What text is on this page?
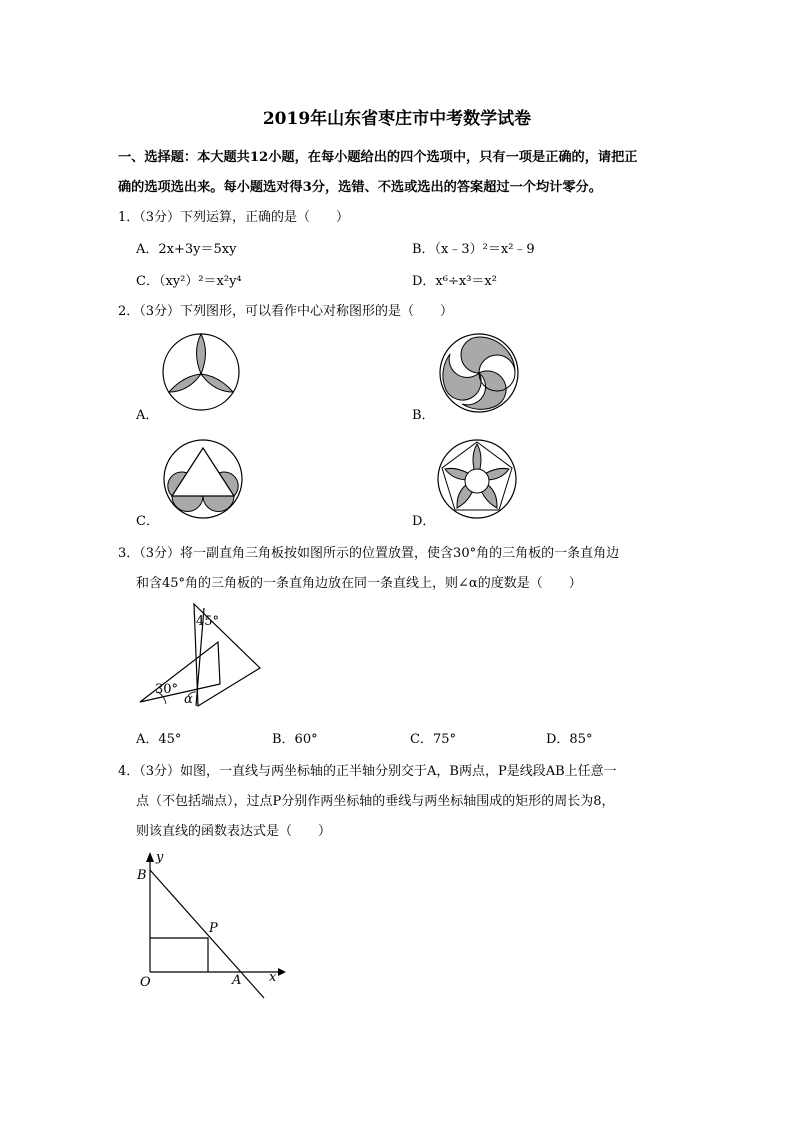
2019年山东省枣庄市中考数学试卷
一、选择题：本大题共12小题，在每小题给出的四个选项中，只有一项是正确的，请把正
确的选项选出来。每小题选对得3分，选错、不选或选出的答案超过一个均计零分。
1．（3分）下列运算，正确的是（　　）
A．2x+3y＝5xy	B．（x﹣3）²＝x²﹣9
C．（xy²）²＝x²y⁴	D．x⁶÷x³＝x²
2．（3分）下列图形，可以看作中心对称图形的是（　　）
A．	B．
C．	D．
3．（3分）将一副直角三角板按如图所示的位置放置，使含30°角的三角板的一条直角边
和含45°角的三角板的一条直角边放在同一条直线上，则∠α的度数是（　　）
45°
30°
α
A．45°	B．60°	C．75°	D．85°
4．（3分）如图，一直线与两坐标轴的正半轴分别交于A，B两点，P是线段AB上任意一
点（不包括端点），过点P分别作两坐标轴的垂线与两坐标轴围成的矩形的周长为8，
则该直线的函数表达式是（　　）
y
x
B
P
O	A
